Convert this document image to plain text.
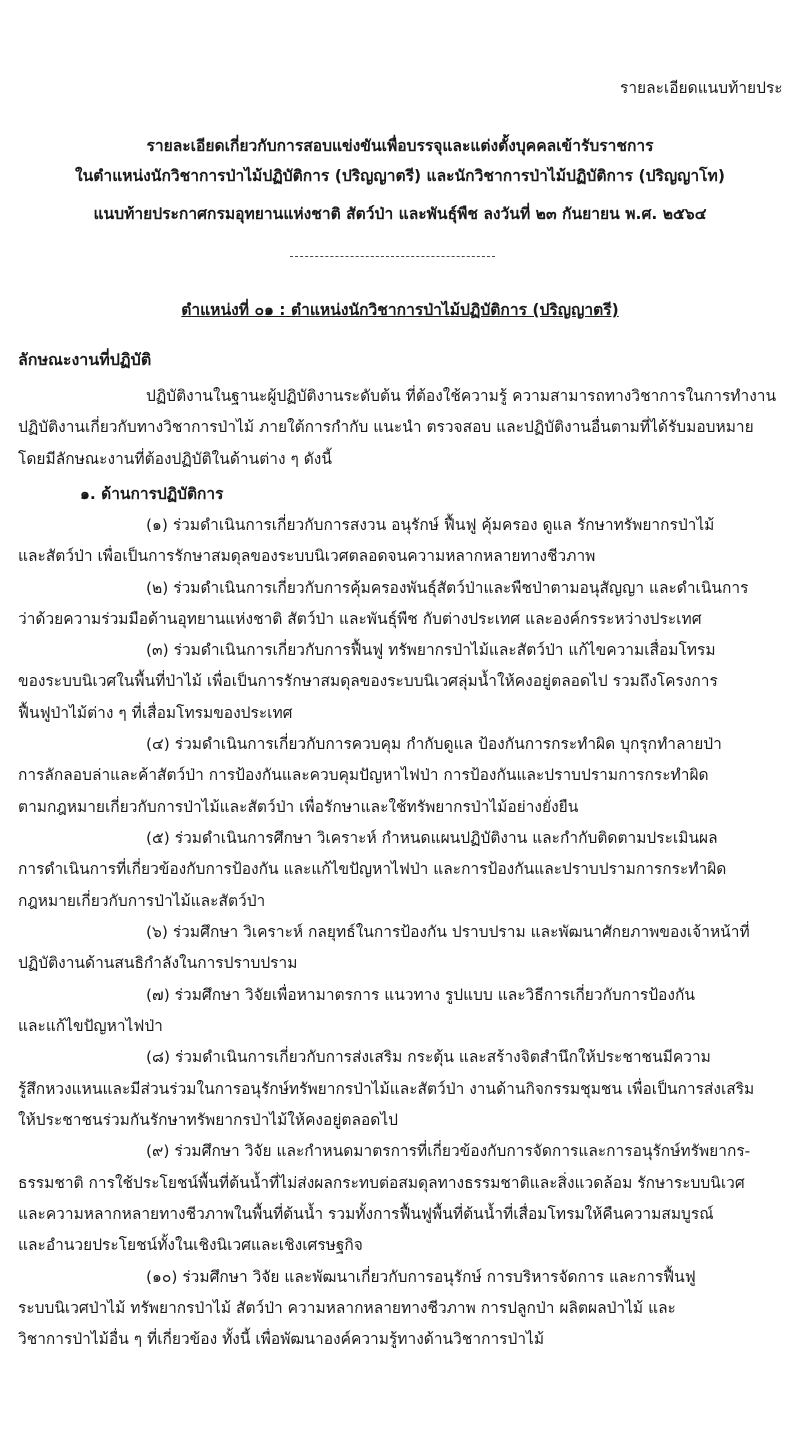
รายละเอียดแนบท้ายประ
รายละเอียดเกี่ยวกับการสอบแข่งขันเพื่อบรรจุและแต่งตั้งบุคคลเข้ารับราชการ
ในตำแหน่งนักวิชาการป่าไม้ปฏิบัติการ (ปริญญาตรี) และนักวิชาการป่าไม้ปฏิบัติการ (ปริญญาโท)
แนบท้ายประกาศกรมอุทยานแห่งชาติ สัตว์ป่า และพันธุ์พืช ลงวันที่ ๒๓ กันยายน พ.ศ. ๒๕๖๔
ตำแหน่งที่ ๐๑ : ตำแหน่งนักวิชาการป่าไม้ปฏิบัติการ (ปริญญาตรี)
ลักษณะงานที่ปฏิบัติ
ปฏิบัติงานในฐานะผู้ปฏิบัติงานระดับต้น ที่ต้องใช้ความรู้ ความสามารถทางวิชาการในการทำงาน
ปฏิบัติงานเกี่ยวกับทางวิชาการป่าไม้ ภายใต้การกำกับ แนะนำ ตรวจสอบ และปฏิบัติงานอื่นตามที่ได้รับมอบหมาย
โดยมีลักษณะงานที่ต้องปฏิบัติในด้านต่าง ๆ ดังนี้
๑. ด้านการปฏิบัติการ
(๑) ร่วมดำเนินการเกี่ยวกับการสงวน อนุรักษ์ ฟื้นฟู คุ้มครอง ดูแล รักษาทรัพยากรป่าไม้
และสัตว์ป่า เพื่อเป็นการรักษาสมดุลของระบบนิเวศตลอดจนความหลากหลายทางชีวภาพ
(๒) ร่วมดำเนินการเกี่ยวกับการคุ้มครองพันธุ์สัตว์ป่าและพืชป่าตามอนุสัญญา และดำเนินการ
ว่าด้วยความร่วมมือด้านอุทยานแห่งชาติ สัตว์ป่า และพันธุ์พืช กับต่างประเทศ และองค์กรระหว่างประเทศ
(๓) ร่วมดำเนินการเกี่ยวกับการฟื้นฟู ทรัพยากรป่าไม้และสัตว์ป่า แก้ไขความเสื่อมโทรม
ของระบบนิเวศในพื้นที่ป่าไม้ เพื่อเป็นการรักษาสมดุลของระบบนิเวศลุ่มน้ำให้คงอยู่ตลอดไป รวมถึงโครงการ
ฟื้นฟูป่าไม้ต่าง ๆ ที่เสื่อมโทรมของประเทศ
(๔) ร่วมดำเนินการเกี่ยวกับการควบคุม กำกับดูแล ป้องกันการกระทำผิด บุกรุกทำลายป่า
การลักลอบล่าและค้าสัตว์ป่า การป้องกันและควบคุมปัญหาไฟป่า การป้องกันและปราบปรามการกระทำผิด
ตามกฎหมายเกี่ยวกับการป่าไม้และสัตว์ป่า เพื่อรักษาและใช้ทรัพยากรป่าไม้อย่างยั่งยืน
(๕) ร่วมดำเนินการศึกษา วิเคราะห์ กำหนดแผนปฏิบัติงาน และกำกับติดตามประเมินผล
การดำเนินการที่เกี่ยวข้องกับการป้องกัน และแก้ไขปัญหาไฟป่า และการป้องกันและปราบปรามการกระทำผิด
กฎหมายเกี่ยวกับการป่าไม้และสัตว์ป่า
(๖) ร่วมศึกษา วิเคราะห์ กลยุทธ์ในการป้องกัน ปราบปราม และพัฒนาศักยภาพของเจ้าหน้าที่
ปฏิบัติงานด้านสนธิกำลังในการปราบปราม
(๗) ร่วมศึกษา วิจัยเพื่อหามาตรการ แนวทาง รูปแบบ และวิธีการเกี่ยวกับการป้องกัน
และแก้ไขปัญหาไฟป่า
(๘) ร่วมดำเนินการเกี่ยวกับการส่งเสริม กระตุ้น และสร้างจิตสำนึกให้ประชาชนมีความ
รู้สึกหวงแหนและมีส่วนร่วมในการอนุรักษ์ทรัพยากรป่าไม้และสัตว์ป่า งานด้านกิจกรรมชุมชน เพื่อเป็นการส่งเสริม
ให้ประชาชนร่วมกันรักษาทรัพยากรป่าไม้ให้คงอยู่ตลอดไป
(๙) ร่วมศึกษา วิจัย และกำหนดมาตรการที่เกี่ยวข้องกับการจัดการและการอนุรักษ์ทรัพยากร-
ธรรมชาติ การใช้ประโยชน์พื้นที่ต้นน้ำที่ไม่ส่งผลกระทบต่อสมดุลทางธรรมชาติและสิ่งแวดล้อม รักษาระบบนิเวศ
และความหลากหลายทางชีวภาพในพื้นที่ต้นน้ำ รวมทั้งการฟื้นฟูพื้นที่ต้นน้ำที่เสื่อมโทรมให้คืนความสมบูรณ์
และอำนวยประโยชน์ทั้งในเชิงนิเวศและเชิงเศรษฐกิจ
(๑๐) ร่วมศึกษา วิจัย และพัฒนาเกี่ยวกับการอนุรักษ์ การบริหารจัดการ และการฟื้นฟู
ระบบนิเวศป่าไม้ ทรัพยากรป่าไม้ สัตว์ป่า ความหลากหลายทางชีวภาพ การปลูกป่า ผลิตผลป่าไม้ และ
วิชาการป่าไม้อื่น ๆ ที่เกี่ยวข้อง ทั้งนี้ เพื่อพัฒนาองค์ความรู้ทางด้านวิชาการป่าไม้
